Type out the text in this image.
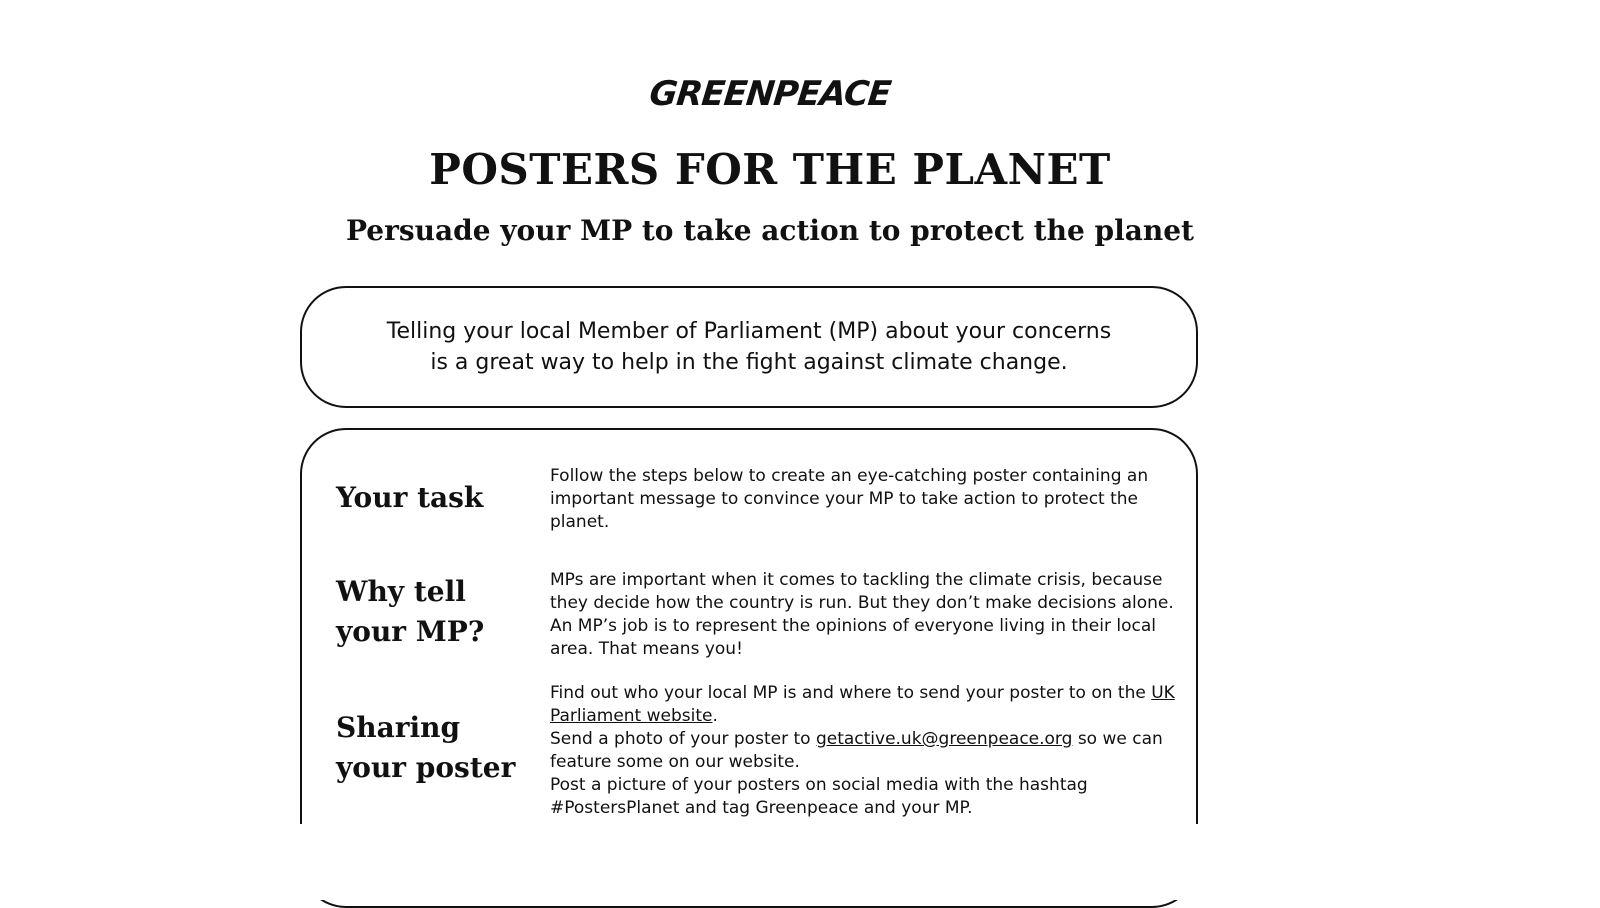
GREENPEACE
POSTERS FOR THE PLANET
Persuade your MP to take action to protect the planet

Telling your local Member of Parliament (MP) about your concerns

is a great way to help in the fight against climate change.

Your task

Follow the steps below to create an eye-catching poster containing an important message to convince your MP to take action to protect the planet.

Why tell your MP?

MPs are important when it comes to tackling the climate crisis, because they decide how the country is run. But they don’t make decisions alone. An MP’s job is to represent the opinions of everyone living in their local area. That means you!

Sharing your poster

Find out who your local MP is and where to send your poster to on the UK Parliament website.

Send a photo of your poster to getactive.uk@greenpeace.org so we can feature some on our website.

Post a picture of your posters on social media with the hashtag #PostersPlanet and tag Greenpeace and your MP.
